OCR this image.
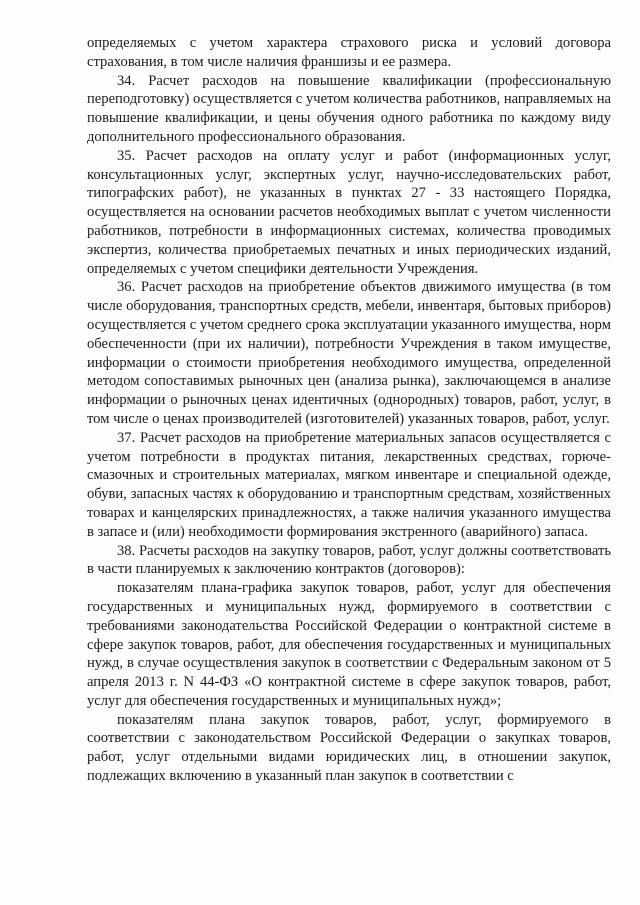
определяемых с учетом характера страхового риска и условий договора страхования, в том числе наличия франшизы и ее размера.

34. Расчет расходов на повышение квалификации (профессиональную переподготовку) осуществляется с учетом количества работников, направляемых на повышение квалификации, и цены обучения одного работника по каждому виду дополнительного профессионального образования.

35. Расчет расходов на оплату услуг и работ (информационных услуг, консультационных услуг, экспертных услуг, научно-исследовательских работ, типографских работ), не указанных в пунктах 27 - 33 настоящего Порядка, осуществляется на основании расчетов необходимых выплат с учетом численности работников, потребности в информационных системах, количества проводимых экспертиз, количества приобретаемых печатных и иных периодических изданий, определяемых с учетом специфики деятельности Учреждения.

36. Расчет расходов на приобретение объектов движимого имущества (в том числе оборудования, транспортных средств, мебели, инвентаря, бытовых приборов) осуществляется с учетом среднего срока эксплуатации указанного имущества, норм обеспеченности (при их наличии), потребности Учреждения в таком имуществе, информации о стоимости приобретения необходимого имущества, определенной методом сопоставимых рыночных цен (анализа рынка), заключающемся в анализе информации о рыночных ценах идентичных (однородных) товаров, работ, услуг, в том числе о ценах производителей (изготовителей) указанных товаров, работ, услуг.

37. Расчет расходов на приобретение материальных запасов осуществляется с учетом потребности в продуктах питания, лекарственных средствах, горюче-смазочных и строительных материалах, мягком инвентаре и специальной одежде, обуви, запасных частях к оборудованию и транспортным средствам, хозяйственных товарах и канцелярских принадлежностях, а также наличия указанного имущества в запасе и (или) необходимости формирования экстренного (аварийного) запаса.

38. Расчеты расходов на закупку товаров, работ, услуг должны соответствовать в части планируемых к заключению контрактов (договоров):

показателям плана-графика закупок товаров, работ, услуг для обеспечения государственных и муниципальных нужд, формируемого в соответствии с требованиями законодательства Российской Федерации о контрактной системе в сфере закупок товаров, работ, для обеспечения государственных и муниципальных нужд, в случае осуществления закупок в соответствии с Федеральным законом от 5 апреля 2013 г. N 44-ФЗ «О контрактной системе в сфере закупок товаров, работ, услуг для обеспечения государственных и муниципальных нужд»;

показателям плана закупок товаров, работ, услуг, формируемого в соответствии с законодательством Российской Федерации о закупках товаров, работ, услуг отдельными видами юридических лиц, в отношении закупок, подлежащих включению в указанный план закупок в соответствии с
